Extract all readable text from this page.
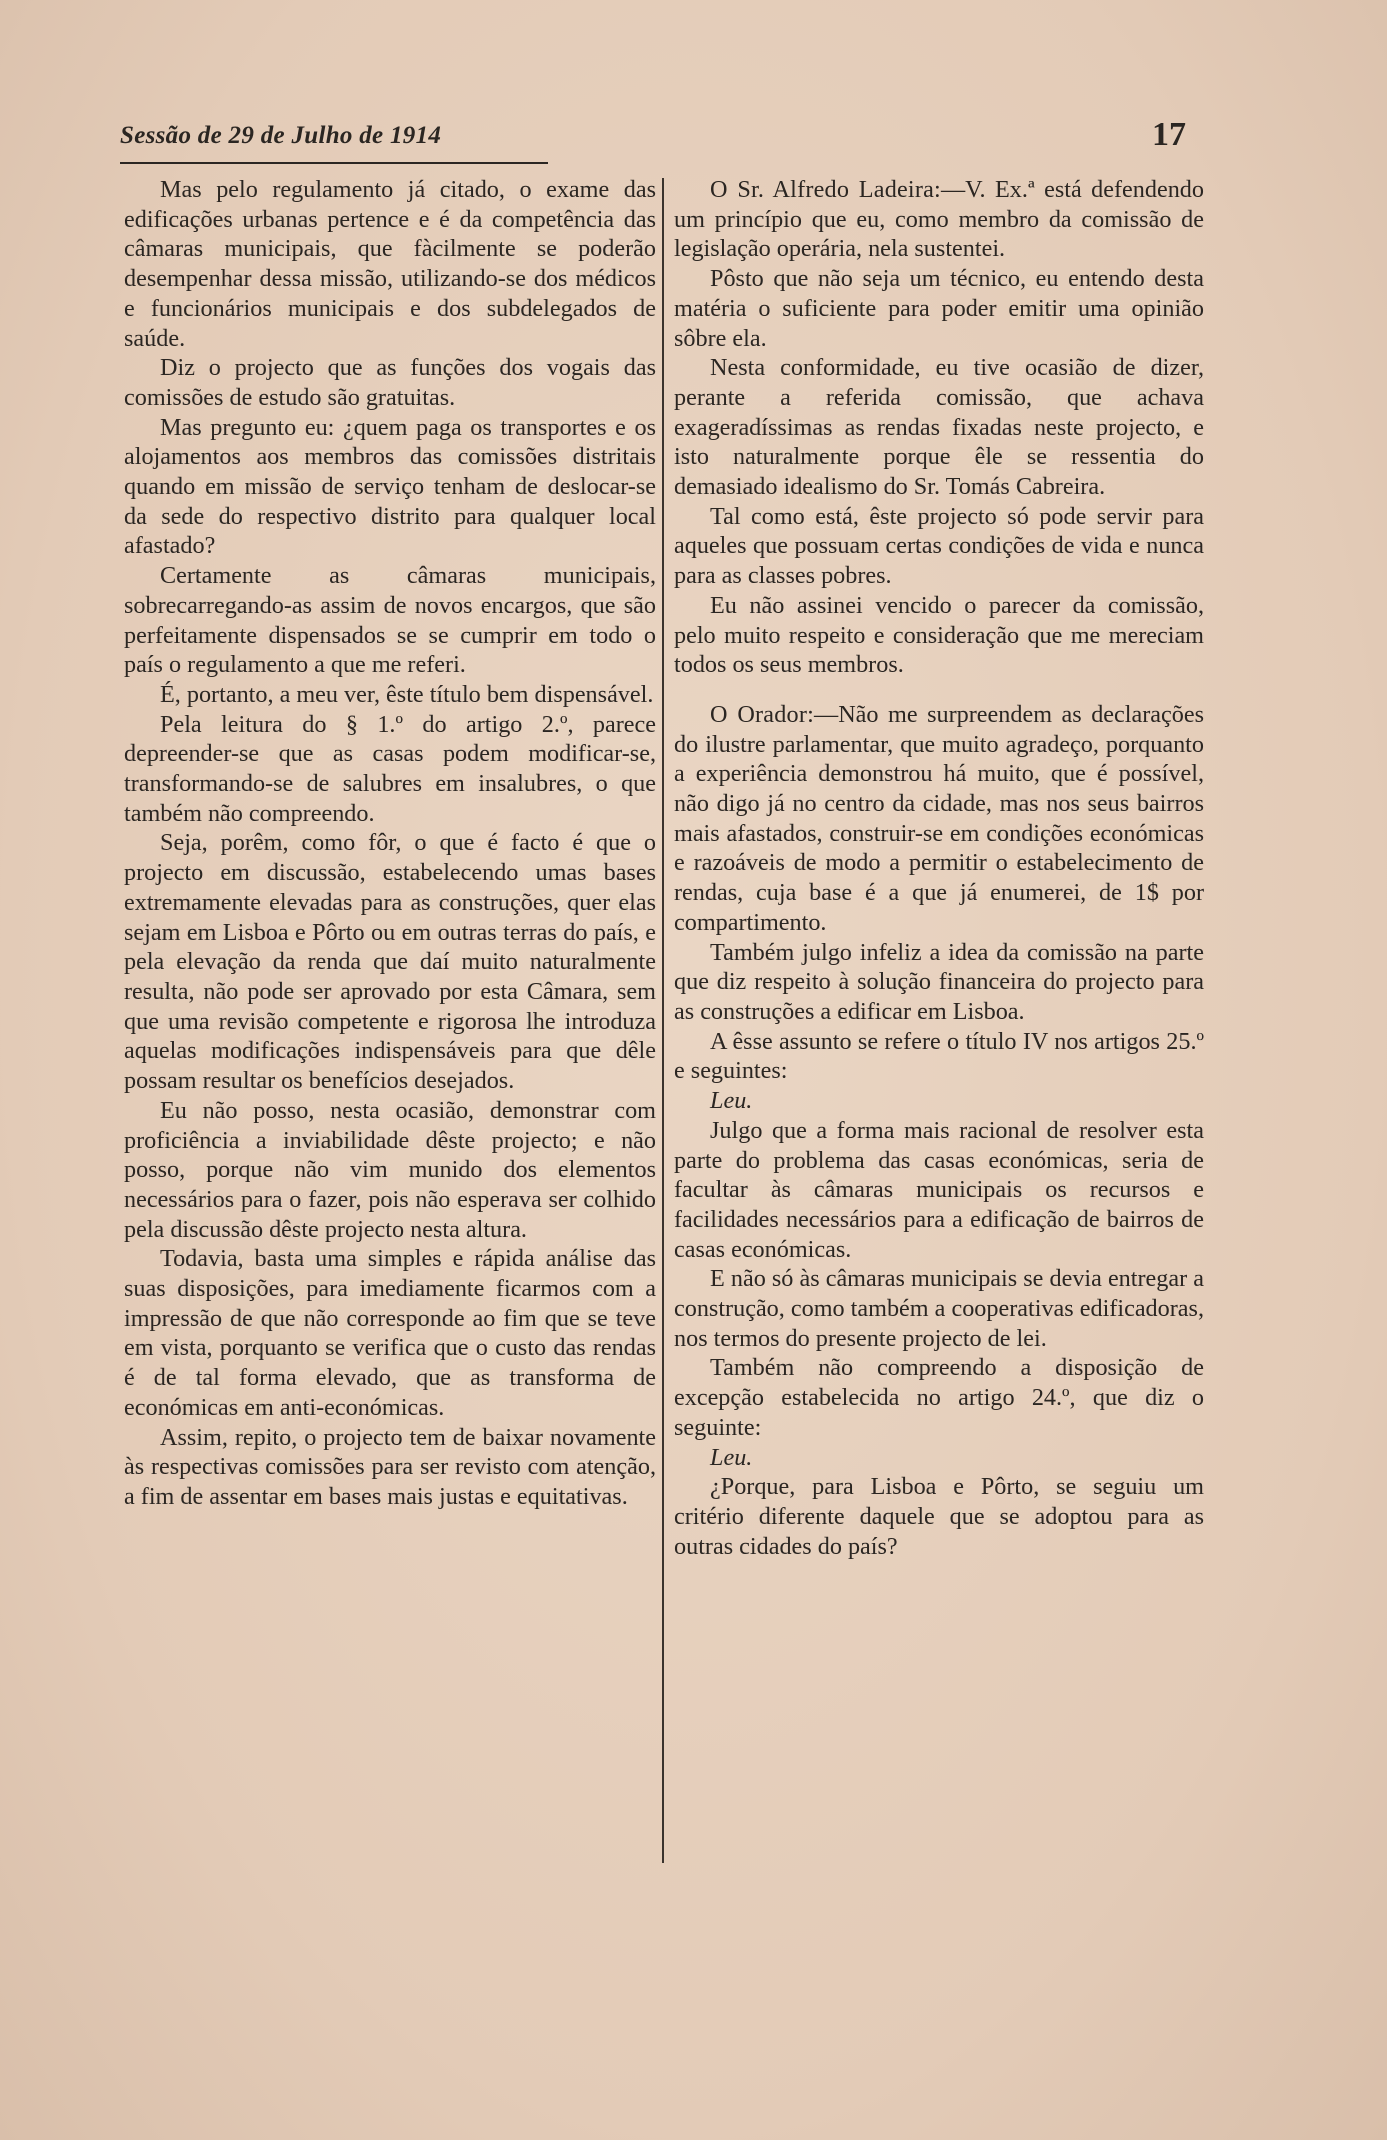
Sessão de 29 de Julho de 1914	17

Mas pelo regulamento já citado, o exame das edificações urbanas pertence e é da competência das câmaras municipais, que fàcilmente se poderão desempenhar dessa missão, utilizando-se dos médicos e funcionários municipais e dos subdelegados de saúde.

Diz o projecto que as funções dos vogais das comissões de estudo são gratuitas.

Mas pregunto eu: ¿quem paga os transportes e os alojamentos aos membros das comissões distritais quando em missão de serviço tenham de deslocar-se da sede do respectivo distrito para qualquer local afastado?

Certamente as câmaras municipais, sobrecarregando-as assim de novos encargos, que são perfeitamente dispensados se se cumprir em todo o país o regulamento a que me referi.

É, portanto, a meu ver, êste título bem dispensável.

Pela leitura do § 1.º do artigo 2.º, parece depreender-se que as casas podem modificar-se, transformando-se de salubres em insalubres, o que também não compreendo.

Seja, porêm, como fôr, o que é facto é que o projecto em discussão, estabelecendo umas bases extremamente elevadas para as construções, quer elas sejam em Lisboa e Pôrto ou em outras terras do país, e pela elevação da renda que daí muito naturalmente resulta, não pode ser aprovado por esta Câmara, sem que uma revisão competente e rigorosa lhe introduza aquelas modificações indispensáveis para que dêle possam resultar os benefícios desejados.

Eu não posso, nesta ocasião, demonstrar com proficiência a inviabilidade dêste projecto; e não posso, porque não vim munido dos elementos necessários para o fazer, pois não esperava ser colhido pela discussão dêste projecto nesta altura.

Todavia, basta uma simples e rápida análise das suas disposições, para imediamente ficarmos com a impressão de que não corresponde ao fim que se teve em vista, porquanto se verifica que o custo das rendas é de tal forma elevado, que as transforma de económicas em anti-económicas.

Assim, repito, o projecto tem de baixar novamente às respectivas comissões para ser revisto com atenção, a fim de assentar em bases mais justas e equitativas.

O Sr. Alfredo Ladeira:—V. Ex.ª está defendendo um princípio que eu, como membro da comissão de legislação operária, nela sustentei.

Pôsto que não seja um técnico, eu entendo desta matéria o suficiente para poder emitir uma opinião sôbre ela.

Nesta conformidade, eu tive ocasião de dizer, perante a referida comissão, que achava exageradíssimas as rendas fixadas neste projecto, e isto naturalmente porque êle se ressentia do demasiado idealismo do Sr. Tomás Cabreira.

Tal como está, êste projecto só pode servir para aqueles que possuam certas condições de vida e nunca para as classes pobres.

Eu não assinei vencido o parecer da comissão, pelo muito respeito e consideração que me mereciam todos os seus membros.

O Orador:—Não me surpreendem as declarações do ilustre parlamentar, que muito agradeço, porquanto a experiência demonstrou há muito, que é possível, não digo já no centro da cidade, mas nos seus bairros mais afastados, construir-se em condições económicas e razoáveis de modo a permitir o estabelecimento de rendas, cuja base é a que já enumerei, de 1$ por compartimento.

Também julgo infeliz a idea da comissão na parte que diz respeito à solução financeira do projecto para as construções a edificar em Lisboa.

A êsse assunto se refere o título IV nos artigos 25.º e seguintes:

Leu.

Julgo que a forma mais racional de resolver esta parte do problema das casas económicas, seria de facultar às câmaras municipais os recursos e facilidades necessários para a edificação de bairros de casas económicas.

E não só às câmaras municipais se devia entregar a construção, como também a cooperativas edificadoras, nos termos do presente projecto de lei.

Também não compreendo a disposição de excepção estabelecida no artigo 24.º, que diz o seguinte:

Leu.

¿Porque, para Lisboa e Pôrto, se seguiu um critério diferente daquele que se adoptou para as outras cidades do país?
